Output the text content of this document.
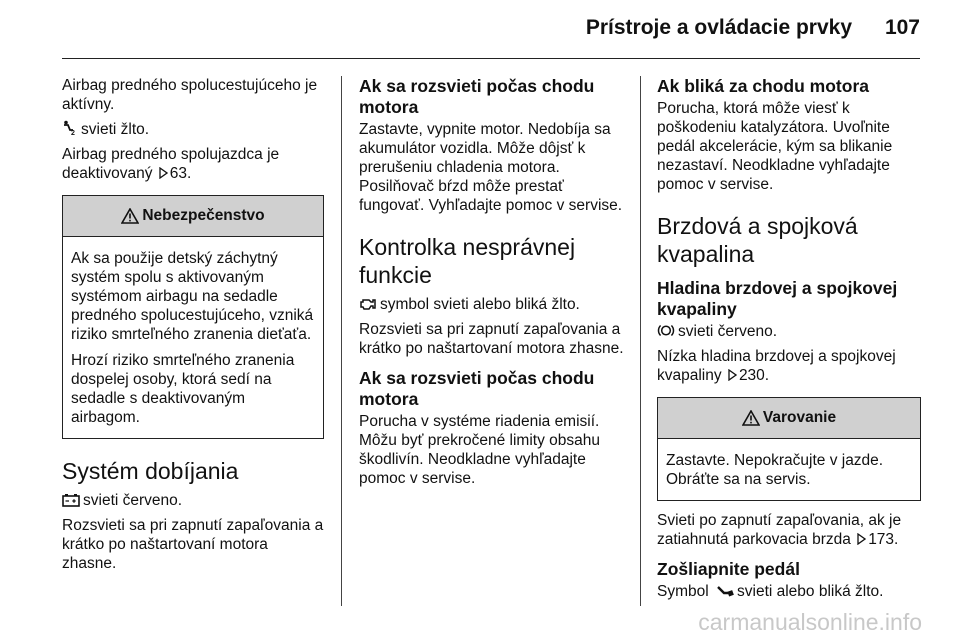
Prístroje a ovládacie prvky 107

Airbag predného spolucestujúceho je aktívny.

2 svieti žlto.

Airbag predného spolujazdca je deaktivovaný 63.

Nebezpečenstvo

Ak sa použije detský záchytný systém spolu s aktivovaným systémom airbagu na sedadle predného spolucestujúceho, vzniká riziko smrteľného zranenia dieťaťa.

Hrozí riziko smrteľného zranenia dospelej osoby, ktorá sedí na sedadle s deaktivovaným airbagom.

Systém dobíjania

svieti červeno.

Rozsvieti sa pri zapnutí zapaľovania a krátko po naštartovaní motora zhasne.

Ak sa rozsvieti počas chodu motora

Zastavte, vypnite motor. Nedobíja sa akumulátor vozidla. Môže dôjsť k prerušeniu chladenia motora. Posilňovač bŕzd môže prestať fungovať. Vyhľadajte pomoc v servise.

Kontrolka nesprávnej funkcie

symbol svieti alebo bliká žlto.

Rozsvieti sa pri zapnutí zapaľovania a krátko po naštartovaní motora zhasne.

Ak sa rozsvieti počas chodu motora

Porucha v systéme riadenia emisií. Môžu byť prekročené limity obsahu škodlivín. Neodkladne vyhľadajte pomoc v servise.

Ak bliká za chodu motora

Porucha, ktorá môže viesť k poškodeniu katalyzátora. Uvoľnite pedál akcelerácie, kým sa blikanie nezastaví. Neodkladne vyhľadajte pomoc v servise.

Brzdová a spojková kvapalina
Hladina brzdovej a spojkovej kvapaliny

svieti červeno.

Nízka hladina brzdovej a spojkovej kvapaliny 230.

Varovanie

Zastavte. Nepokračujte v jazde. Obráťte sa na servis.

Svieti po zapnutí zapaľovania, ak je zatiahnutá parkovacia brzda 173.

Zošliapnite pedál

Symbol svieti alebo bliká žlto.

carmanualsonline.info
